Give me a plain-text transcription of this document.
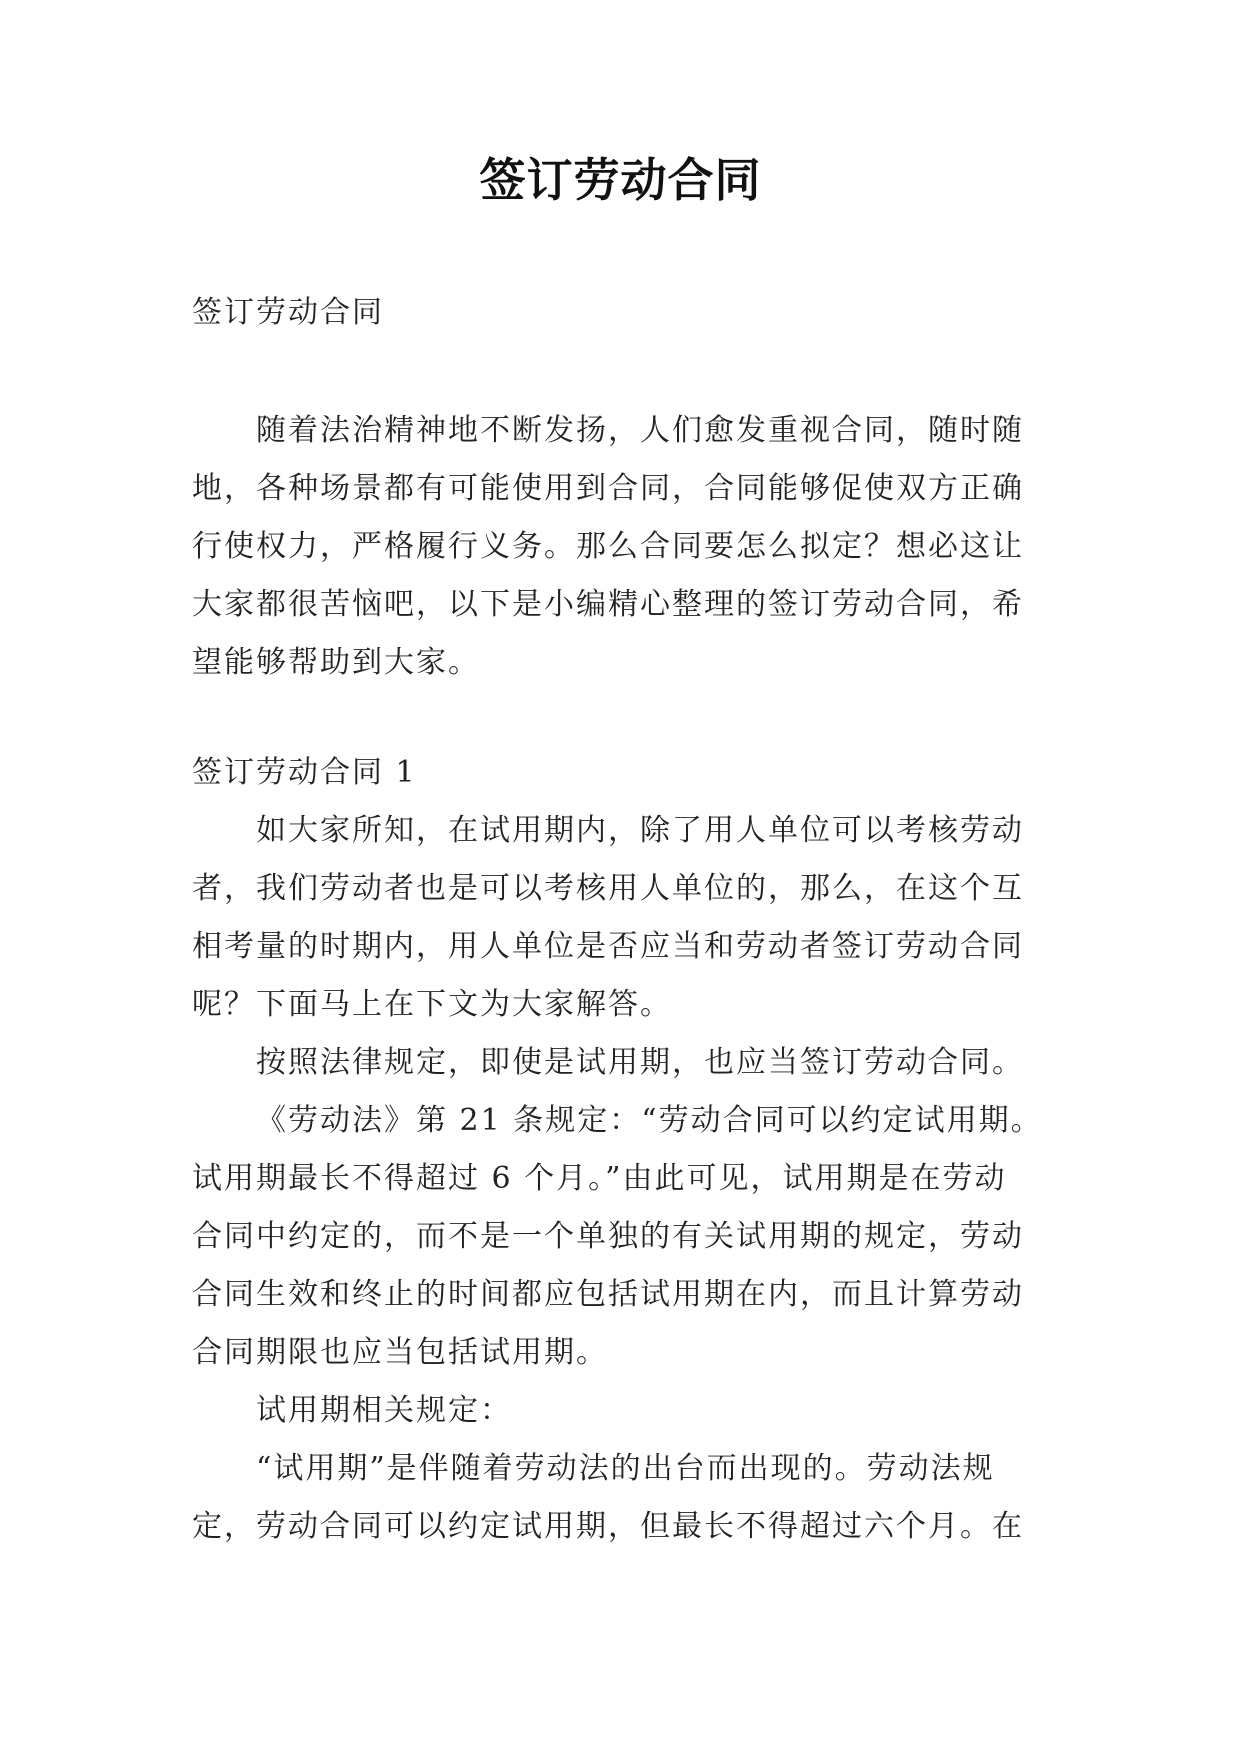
签订劳动合同
签订劳动合同
随着法治精神地不断发扬，人们愈发重视合同，随时随
地，各种场景都有可能使用到合同，合同能够促使双方正确
行使权力，严格履行义务。那么合同要怎么拟定？想必这让
大家都很苦恼吧，以下是小编精心整理的签订劳动合同，希
望能够帮助到大家。
签订劳动合同 1
如大家所知，在试用期内，除了用人单位可以考核劳动
者，我们劳动者也是可以考核用人单位的，那么，在这个互
相考量的时期内，用人单位是否应当和劳动者签订劳动合同
呢？下面马上在下文为大家解答。
按照法律规定，即使是试用期，也应当签订劳动合同。
《劳动法》第 21 条规定：“劳动合同可以约定试用期。
试用期最长不得超过 6 个月。”由此可见，试用期是在劳动
合同中约定的，而不是一个单独的有关试用期的规定，劳动
合同生效和终止的时间都应包括试用期在内，而且计算劳动
合同期限也应当包括试用期。
试用期相关规定：
“试用期”是伴随着劳动法的出台而出现的。劳动法规
定，劳动合同可以约定试用期，但最长不得超过六个月。在
